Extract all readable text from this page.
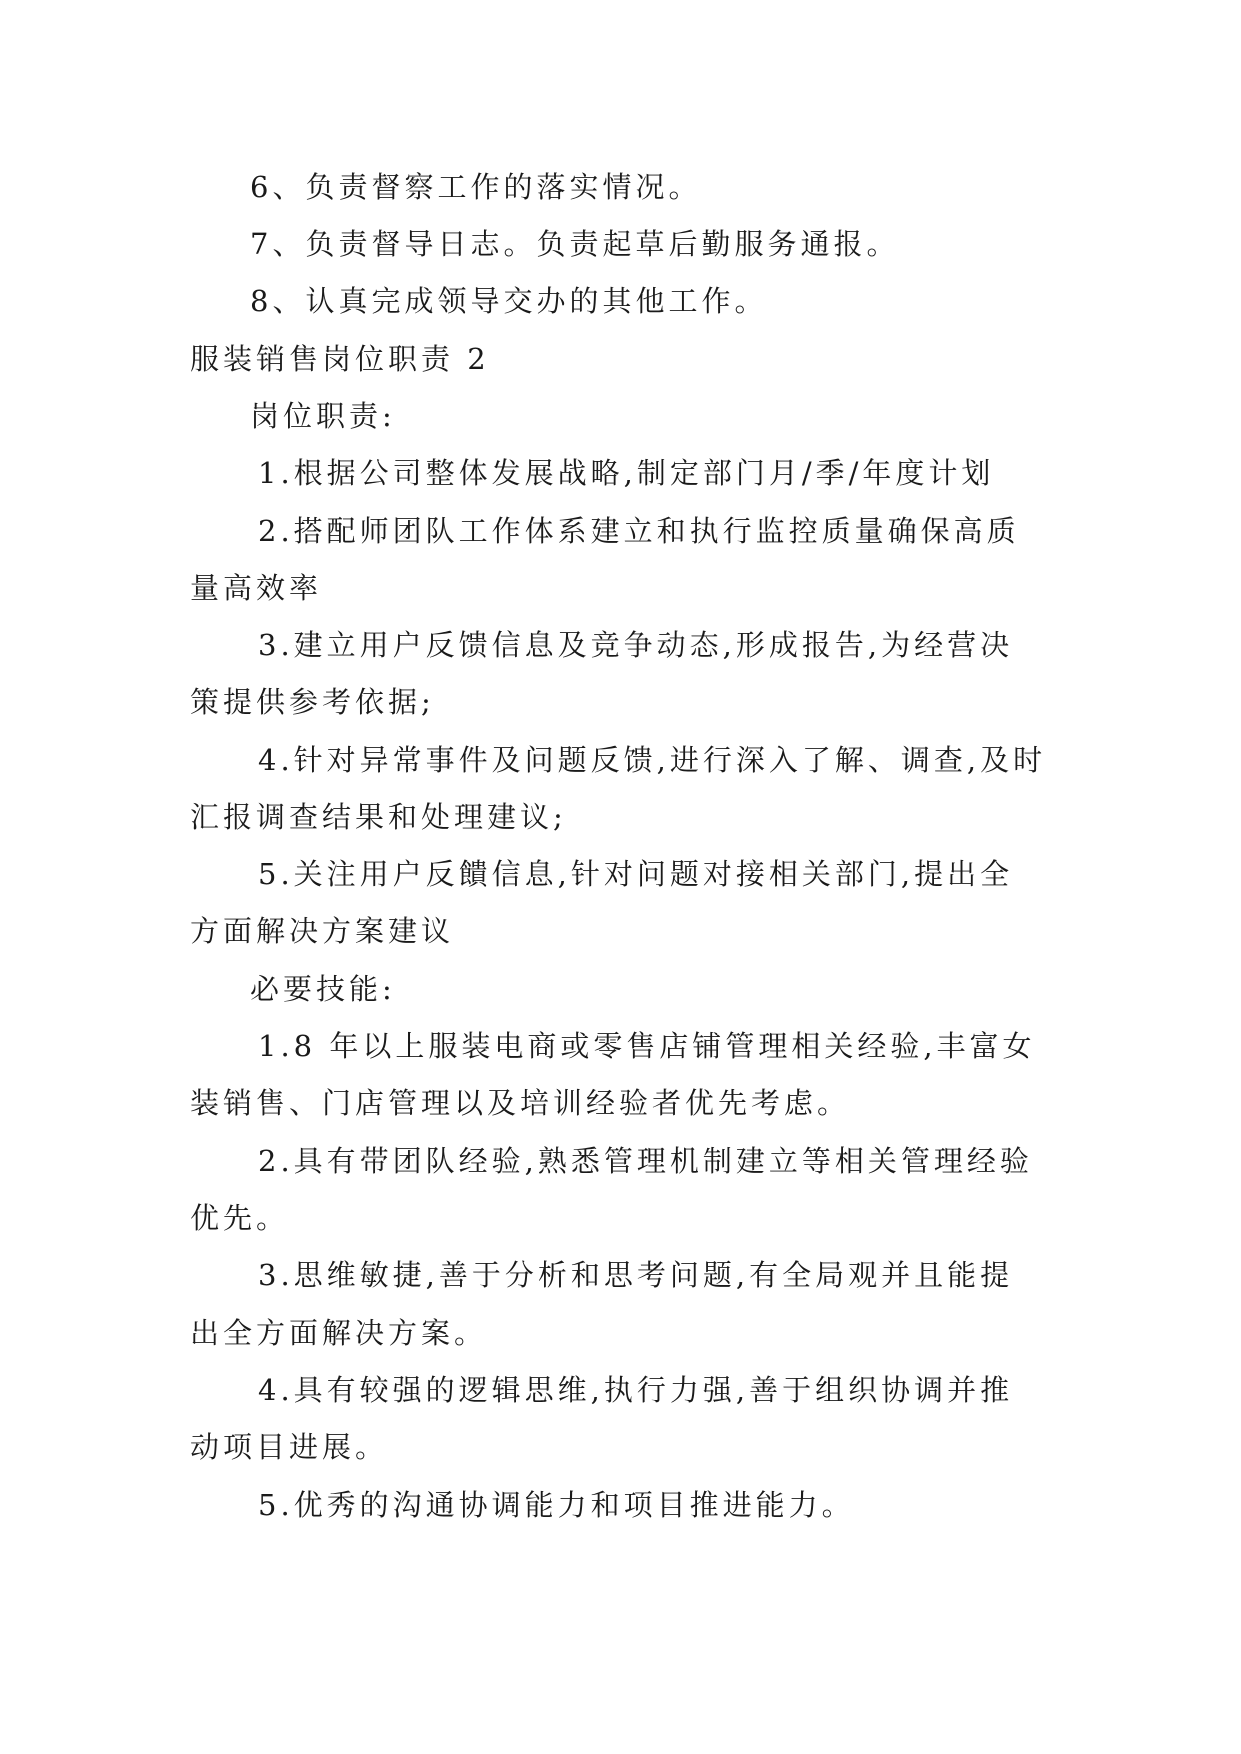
6、负责督察工作的落实情况。
7、负责督导日志。负责起草后勤服务通报。
8、认真完成领导交办的其他工作。
服装销售岗位职责 2
岗位职责:
1.根据公司整体发展战略,制定部门月/季/年度计划
2.搭配师团队工作体系建立和执行监控质量确保高质
量高效率
3.建立用户反馈信息及竞争动态,形成报告,为经营决
策提供参考依据;
4.针对异常事件及问题反馈,进行深入了解、调查,及时
汇报调查结果和处理建议;
5.关注用户反饋信息,针对问题对接相关部门,提出全
方面解决方案建议
必要技能:
1.8 年以上服装电商或零售店铺管理相关经验,丰富女
装销售、门店管理以及培训经验者优先考虑。
2.具有带团队经验,熟悉管理机制建立等相关管理经验
优先。
3.思维敏捷,善于分析和思考问题,有全局观并且能提
出全方面解决方案。
4.具有较强的逻辑思维,执行力强,善于组织协调并推
动项目进展。
5.优秀的沟通协调能力和项目推进能力。
